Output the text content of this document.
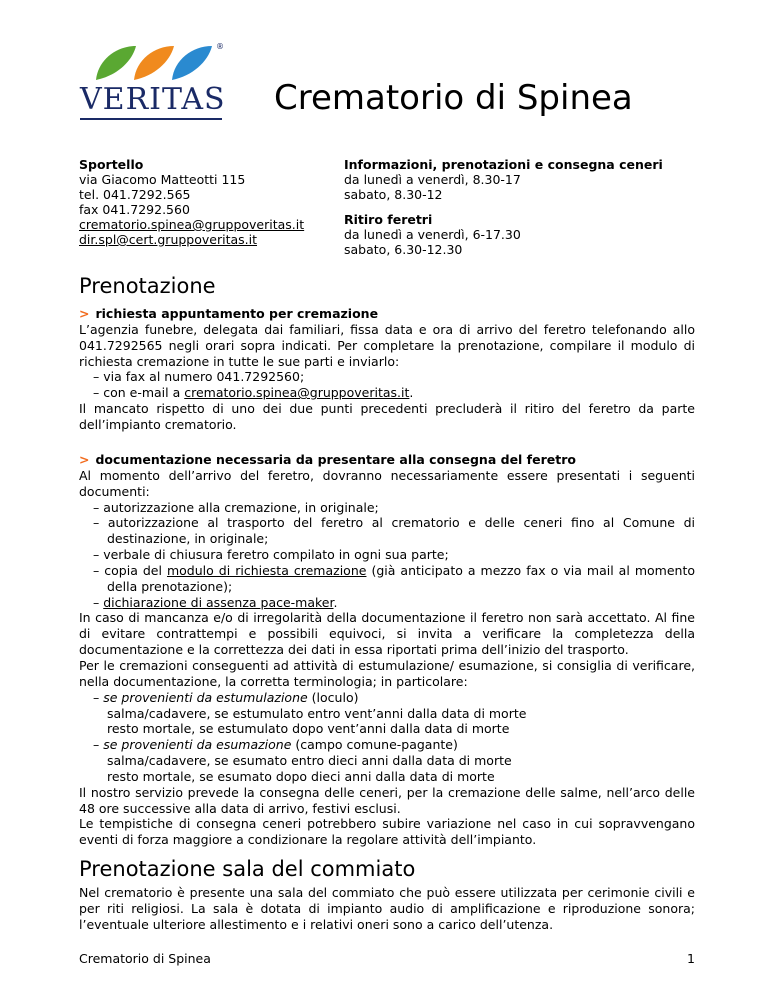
®
VERITAS Crematorio di Spinea
Sportello
via Giacomo Matteotti 115
tel. 041.7292.565
fax 041.7292.560
crematorio.spinea@gruppoveritas.it
dir.spl@cert.gruppoveritas.it
Informazioni, prenotazioni e consegna ceneri
da lunedì a venerdì, 8.30-17
sabato, 8.30-12
Ritiro feretri
da lunedì a venerdì, 6-17.30
sabato, 6.30-12.30
Prenotazione
> richiesta appuntamento per cremazione

L’agenzia funebre, delegata dai familiari, fissa data e ora di arrivo del feretro telefonando allo 041.7292565 negli orari sopra indicati. Per completare la prenotazione, compilare il modulo di richiesta cremazione in tutte le sue parti e inviarlo:

– via fax al numero 041.7292560;
– con e-mail a crematorio.spinea@gruppoveritas.it.

Il mancato rispetto di uno dei due punti precedenti precluderà il ritiro del feretro da parte dell’impianto crematorio.

> documentazione necessaria da presentare alla consegna del feretro

Al momento dell’arrivo del feretro, dovranno necessariamente essere presentati i seguenti documenti:

– autorizzazione alla cremazione, in originale;
– autorizzazione al trasporto del feretro al crematorio e delle ceneri fino al Comune di destinazione, in originale;
– verbale di chiusura feretro compilato in ogni sua parte;
– copia del modulo di richiesta cremazione (già anticipato a mezzo fax o via mail al momento della prenotazione);
– dichiarazione di assenza pace-maker.

In caso di mancanza e/o di irregolarità della documentazione il feretro non sarà accettato. Al fine di evitare contrattempi e possibili equivoci, si invita a verificare la completezza della documentazione e la correttezza dei dati in essa riportati prima dell’inizio del trasporto.

Per le cremazioni conseguenti ad attività di estumulazione/ esumazione, si consiglia di verificare, nella documentazione, la corretta terminologia; in particolare:

– se provenienti da estumulazione (loculo)
salma/cadavere, se estumulato entro vent’anni dalla data di morte
resto mortale, se estumulato dopo vent’anni dalla data di morte
– se provenienti da esumazione (campo comune-pagante)
salma/cadavere, se esumato entro dieci anni dalla data di morte
resto mortale, se esumato dopo dieci anni dalla data di morte

Il nostro servizio prevede la consegna delle ceneri, per la cremazione delle salme, nell’arco delle 48 ore successive alla data di arrivo, festivi esclusi.

Le tempistiche di consegna ceneri potrebbero subire variazione nel caso in cui sopravvengano eventi di forza maggiore a condizionare la regolare attività dell’impianto.

Prenotazione sala del commiato

Nel crematorio è presente una sala del commiato che può essere utilizzata per cerimonie civili e per riti religiosi. La sala è dotata di impianto audio di amplificazione e riproduzione sonora; l’eventuale ulteriore allestimento e i relativi oneri sono a carico dell’utenza.

Crematorio di Spinea	1
